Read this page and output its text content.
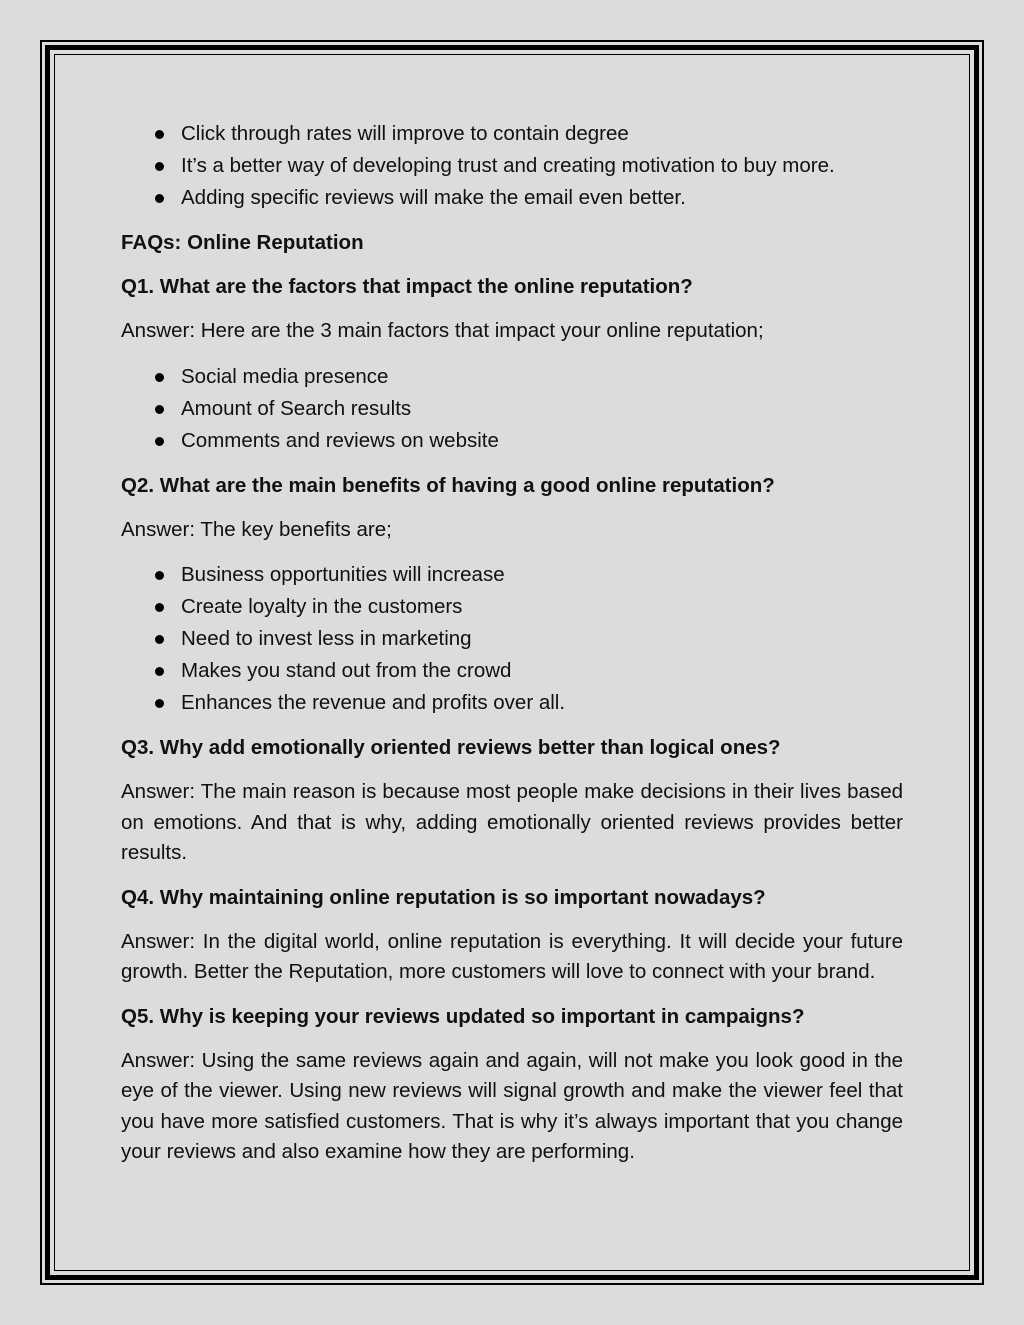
Click through rates will improve to contain degree
It’s a better way of developing trust and creating motivation to buy more.
Adding specific reviews will make the email even better.

FAQs: Online Reputation

Q1. What are the factors that impact the online reputation?

Answer: Here are the 3 main factors that impact your online reputation;

Social media presence
Amount of Search results
Comments and reviews on website

Q2. What are the main benefits of having a good online reputation?

Answer: The key benefits are;

Business opportunities will increase
Create loyalty in the customers
Need to invest less in marketing
Makes you stand out from the crowd
Enhances the revenue and profits over all.

Q3. Why add emotionally oriented reviews better than logical ones?

Answer: The main reason is because most people make decisions in their lives based on emotions. And that is why, adding emotionally oriented reviews provides better results.

Q4. Why maintaining online reputation is so important nowadays?

Answer: In the digital world, online reputation is everything. It will decide your future growth. Better the Reputation, more customers will love to connect with your brand.

Q5. Why is keeping your reviews updated so important in campaigns?

Answer: Using the same reviews again and again, will not make you look good in the eye of the viewer. Using new reviews will signal growth and make the viewer feel that you have more satisfied customers. That is why it’s always important that you change your reviews and also examine how they are performing.
